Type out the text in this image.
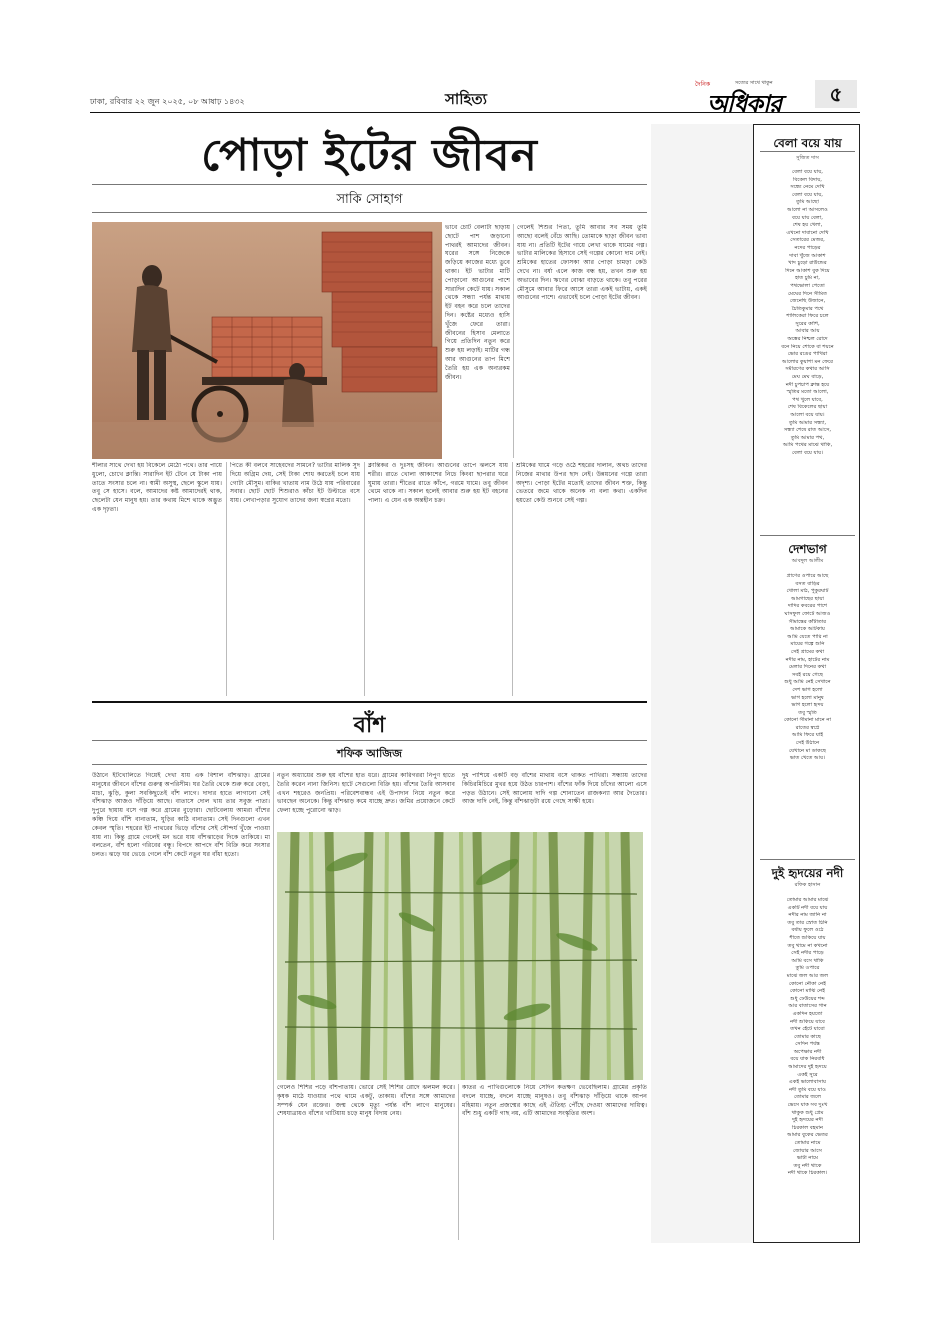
ঢাকা, রবিবার ২২ জুন ২০২৫, ০৮ আষাঢ় ১৪৩২	সাহিত্য
দৈনিক	সত্যের সাথে থাকুন
অধিকার	৫
পোড়া ইটের জীবন
সাকি সোহাগ

ভাবে চোট বেলাটা ছাড়ায় ছোটে পাশ জড়ানো পাথরই আমাদের জীবন। ঘরের সঙ্গে নিজেকে জড়িয়ে কাজের মধ্যে ডুবে থাকা। ইট ভাটার মাটি পোড়ানো আগুনের পাশে সারাদিন কেটে যায়। সকাল থেকে সন্ধ্যা পর্যন্ত মাথায় ইট বহন করে চলে তাদের দিন। কষ্টের মধ্যেও হাসি খুঁজে ফেরে তারা। জীবনের হিসাব মেলাতে গিয়ে প্রতিদিন নতুন করে শুরু হয় লড়াই। মাটির গন্ধ আর আগুনের তাপ মিশে তৈরি হয় এক অন্যরকম জীবন।

গেলেই শিশুর পিতা, তুমি আবার সব সময় তুমি আছো বলেই বেঁচে আছি। তোমাকে ছাড়া জীবন ভাবা যায় না। প্রতিটি ইটের গায়ে লেখা থাকে ঘামের গল্প। ভাটার মালিকের হিসাবে সেই গল্পের কোনো দাম নেই। শ্রমিকের হাতের ফোসকা আর পোড়া চামড়া কেউ দেখে না। বর্ষা এলে কাজ বন্ধ হয়, তখন শুরু হয় অভাবের দিন। ঋণের বোঝা বাড়তে থাকে। তবু পরের মৌসুমে আবার ফিরে আসে তারা একই ভাটায়, একই আগুনের পাশে। এভাবেই চলে পোড়া ইটের জীবন।

শীলার সাথে দেখা হয় বিকেলে মেঠো পথে। তার পায়ে ধুলো, চোখে ক্লান্তি। সারাদিন ইট টেনে যে টাকা পায় তাতে সংসার চলে না। স্বামী অসুস্থ, ছেলে স্কুলে যায়। তবু সে হাসে। বলে, আমাদের কষ্ট আমাদেরই থাক, ছেলেটা যেন মানুষ হয়। তার কথায় মিশে থাকে অদ্ভুত এক দৃঢ়তা।

পিতে কী বলবে সাহেবদের সামনে? ভাটার মালিক সুদ দিয়ে অগ্রিম দেয়, সেই টাকা শোধ করতেই চলে যায় গোটা মৌসুম। বাকির খাতায় নাম উঠে যায় পরিবারের সবার। ছোট ছোট শিশুরাও কাঁচা ইট উল্টাতে বসে যায়। লেখাপড়ার সুযোগ তাদের জন্য স্বপ্নের মতো।

ক্লান্তিকর ও দুঃসহ জীবন। আগুনের তাপে ঝলসে যায় শরীর। রাতে খোলা আকাশের নিচে কিংবা ছাপরার ঘরে ঘুমায় তারা। শীতের রাতে কাঁপে, গরমে ঘামে। তবু জীবন থেমে থাকে না। সকাল হলেই আবার শুরু হয় ইট বহনের পালা। এ যেন এক অন্তহীন চক্র।

শ্রমিকের ঘামে গড়ে ওঠে শহরের দালান, অথচ তাদের নিজের মাথার উপর ছাদ নেই। উন্নয়নের গল্পে তারা অদৃশ্য। পোড়া ইটের মতোই তাদের জীবন শক্ত, কিন্তু ভেতরে জমে থাকে অনেক না বলা কথা। একদিন হয়তো কেউ শুনবে সেই গল্প।

বাঁশ
শফিক আজিজ

উঠানে ইটখোলিতে গিয়েই দেখা যায় এক বিশাল বাঁশঝাড়। গ্রামের মানুষের জীবনে বাঁশের গুরুত্ব অপরিসীম। ঘর তৈরি থেকে শুরু করে বেড়া, মাচা, ঝুড়ি, কুলা সবকিছুতেই বাঁশ লাগে। দাদার হাতে লাগানো সেই বাঁশঝাড় আজও দাঁড়িয়ে আছে। বাতাসে দোল খায় তার সবুজ পাতা। দুপুরে ছায়ায় বসে গল্প করে গ্রামের বুড়োরা। ছোটবেলায় আমরা বাঁশের কঞ্চি দিয়ে বাঁশি বানাতাম, ঘুড়ির কাঠি বানাতাম। সেই দিনগুলো এখন কেবল স্মৃতি। শহরের ইট পাথরের ভিড়ে বাঁশের সেই সৌন্দর্য খুঁজে পাওয়া যায় না। কিন্তু গ্রামে গেলেই মন ভরে যায় বাঁশঝাড়ের দিকে তাকিয়ে। মা বলতেন, বাঁশ হলো গরিবের বন্ধু। বিপদে আপদে বাঁশ বিক্রি করে সংসার চলত। ঝড়ে ঘর ভেঙে গেলে বাঁশ কেটে নতুন ঘর বাঁধা হতো।

নতুন অধ্যায়ের শুরু হয় বাঁশের হাত ধরে। গ্রামের কারিগররা নিপুণ হাতে তৈরি করেন নানা জিনিস। হাটে সেগুলো বিক্রি হয়। বাঁশের তৈরি আসবাব এখন শহরেও জনপ্রিয়। পরিবেশবান্ধব এই উপাদান নিয়ে নতুন করে ভাবছেন অনেকে। কিন্তু বাঁশঝাড় কমে যাচ্ছে দ্রুত। জমির প্রয়োজনে কেটে ফেলা হচ্ছে পুরোনো ঝাড়।

দুধ পাশিয়ে একটি বড় বাঁশের মাথায় বসে থাকত পাখিরা। সন্ধ্যায় তাদের কিচিরমিচিরে মুখর হয়ে উঠত চারপাশ। বাঁশের ফাঁক দিয়ে চাঁদের আলো এসে পড়ত উঠানে। সেই আলোয় দাদি গল্প শোনাতেন রাজকন্যা আর দৈত্যের। আজ দাদি নেই, কিন্তু বাঁশঝাড়টা রয়ে গেছে সাক্ষী হয়ে।

গেলেও শিশির পড়ে বাঁশপাতায়। ভোরে সেই শিশির রোদে ঝলমল করে। কৃষক মাঠে যাওয়ার পথে থামে একটু, তাকায়। বাঁশের সঙ্গে আমাদের সম্পর্ক যেন রক্তের। জন্ম থেকে মৃত্যু পর্যন্ত বাঁশ লাগে মানুষের। শেষযাত্রায়ও বাঁশের খাটিয়ায় চড়ে মানুষ বিদায় নেয়।

কাতর এ পাখিগুলোকে নিয়ে সেদিন কতক্ষণ ভেবেছিলাম। গ্রামের প্রকৃতি বদলে যাচ্ছে, বদলে যাচ্ছে মানুষও। তবু বাঁশঝাড় দাঁড়িয়ে থাকে আপন মহিমায়। নতুন প্রজন্মের কাছে এই ঐতিহ্য পৌঁছে দেওয়া আমাদের দায়িত্ব। বাঁশ শুধু একটি গাছ নয়, এটি আমাদের সংস্কৃতির অংশ।

বেলা বয়ে যায়
সুজিত দাস
বেলা বয়ে যায়,
বিকেল বিদায়,
সন্ধ্যে নেমে দেখি
বেলা বয়ে যায়,
তুমি আছো
আলো না আসলেও
বয়ে যায় বেলা,
শেষ হয় খেলা,
এখনো দাবানো দেখি
সেতারের মেজর,
নদের পাড়ের
দাবা খুঁজে আকাশ
খাদ চুড়ো রাউন্ডের
দিনে আকাশ বুক দিয়ে
হাত চুমি না,
পথভোলা পেতো
মেঘের দিনে সীমিত
জেনেছি উজানে,
চৈতিকুমার পথে
শালিকেরা ফিরে চলে
সুরের কাশি,
আবার আয়
অস্তের নিশ্চল রোদে
বনে নিয়ে শোকে বা শয়নে
ভোর রঙের পাখিরা
আলোর কুয়াশা মন ফেরে
সমীরণের কথার আসি
মেঘ মেঘ বাড়ে,
নদী চুপচাপ ক্লান্ত হয়ে
স্মৃতির মতো আলো,
পথ খুলে যাবে,
শেষ বিকেলের ছায়া
আলো বয়ে যায়।
তুমি আমার সন্ধ্যা,
সন্ধ্যা শেষে রাত আসে,
তুমি আমার পথ,
আমি পথের মাঝে থাকি,
বেলা বয়ে যায়।
দেশভাগ
আবদুল আলীম
প্রাণের ওপারে আছে
বসত বাড়ির
খোলা মাঠ, পুকুরঘাট
আমগাছের ছায়া
দাদির কবরের পাশে
ঘাসফুল ফোটে আজও
সীমান্তের কাঁটাতার
আমাকে আটকায়
আমি যেতে পারি না
মায়ের গল্পে শুনি
সেই গ্রামের কথা
নদীর নাম, হাটের নাম
মেলার দিনের কথা
সবই রয়ে গেছে
শুধু আমি নেই সেখানে
দেশ ভাগ হলো
ভাগ হলো মানুষ
ভাগ হলো হৃদয়
তবু স্মৃতি
কোনো সীমানা মানে না
রাতের স্বপ্নে
আমি ফিরে যাই
সেই উঠানে
যেখানে মা ডাকছে
ভাত খেতে আয়।
দুই হৃদয়ের নদী
রফিক হাসান
তোমার আমার মাঝে
একটি নদী বয়ে যায়
নদীর নাম জানি না
তবু তার স্রোত চিনি
বর্ষায় ফুলে ওঠে
শীতে শুকিয়ে যায়
তবু থামে না কখনো
সেই নদীর পাড়ে
আমি বসে থাকি
তুমি ওপারে
মাঝে জল আর জল
কোনো নৌকা নেই
কোনো মাঝি নেই
শুধু ঢেউয়ের শব্দ
আর বাতাসের গান
একদিন হয়তো
নদী শুকিয়ে যাবে
তখন হেঁটে যাবো
তোমার কাছে
সেদিন পর্যন্ত
অপেক্ষার নদী
বয়ে যাক নিরবধি
আমাদের দুই হৃদয়ে
একই সুরে
একই ভালোবাসায়
নদী তুমি বয়ে যাও
তোমার জলে
ভেসে যাক সব দুঃখ
থাকুক শুধু প্রেম
দুই হৃদয়ের নদী
চিরকাল বহমান
আমার বুকের ভেতর
তোমার নামে
জোয়ার আসে
ভাটা নামে
তবু নদী থাকে
নদী থাকে চিরকাল।
